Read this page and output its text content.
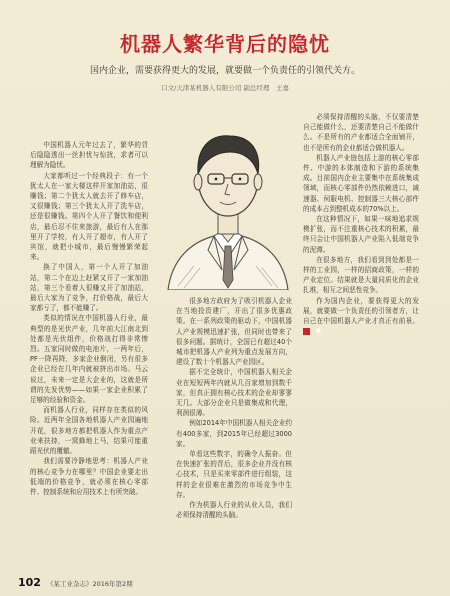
机器人繁华背后的隐忧
国内企业，需要获得更大的发展，就要做一个负责任的引领代关方。
口文/天津某机器人有限公司 副总经理　王嘉

中国机器人元年过去了，繁华的背后隐隐透出一丝担忧与惊扰，求者可以理解为隐忧。

大家都听过一个经典段子：有一个犹太人在一家大楼这样开家加油站，很赚钱；第二个犹太人就去开了修车店，又很赚钱；第三个犹太人开了洗车店，还是很赚钱。第四个人开了餐饮和便利店，最后忍不住来旅游，最后有人在那里开了学校，有人开了超市，有人开了宾馆，就把小城市，最后慢慢繁荣起来。

换了中国人，第一个人开了加油站，第二个在边上赶紧又开了一家加油站，第三个看着人很赚又开了加油站，最后大家为了竞争，打价格战，最后大家都亏了，都不能赚了。

类似的情况在中国机器人行业，最典型的是光伏产业，几年前大江南北到处都是光伏组件，价格战打得非常惨烈。五家同时做的电池片，一两年后，PF一降再降，多家企业倒闭，另有很多企业已经在几年内就被挤出市场。马云说过，未来一定是大企业的，这就是所谓的先发优势——如果一家企业积累了足够的经验和资金。

而机器人行业，同样存在类似的风险。近两年全国各地机器人产业园遍地开花，很多地方都把机器人作为重点产业来扶持，一窝蜂地上马，结果可能重蹈光伏的覆辙。

我们需要冷静地思考：机器人产业的核心竞争力在哪里？中国企业要走出低端的价格竞争，就必须在核心零部件、控制系统和应用技术上有所突破。

很多地方政府为了吸引机器人企业在当地投资建厂，开出了很多优惠政策。在一系列政策的驱动下，中国机器人产业规模迅速扩张，但同时也带来了很多问题。据统计，全国已有超过40个城市把机器人产业列为重点发展方向，建设了数十个机器人产业园区。

据不完全统计，中国机器人相关企业在短短两年内就从几百家增加到数千家，但真正拥有核心技术的企业却寥寥无几。大部分企业只是做集成和代理，利润很薄。

例如2014年中国机器人相关企业约有400多家，到2015年已经超过3000家。

单看这些数字，的确令人振奋。但在快速扩张的背后，很多企业并没有核心技术，只是买来零部件进行组装，这样的企业很难在激烈的市场竞争中生存。

作为机器人行业的从业人员，我们必须保持清醒的头脑。

必须保持清醒的头脑，不仅要清楚自己能做什么，还要清楚自己不能做什么。不是所有的产业都适合全面铺开，也不是所有的企业都适合做机器人。

机器人产业链包括上游的核心零部件、中游的本体制造和下游的系统集成。目前国内企业主要集中在系统集成领域，而核心零部件仍然依赖进口，减速器、伺服电机、控制器三大核心部件的成本占到整机成本的70%以上。

在这种情况下，如果一味地追求规模扩张，而不注重核心技术的积累，最终只会让中国机器人产业陷入低端竞争的泥潭。

在很多地方，我们看到到处都是一样的工业园，一样的招商政策，一样的产业定位。结果就是大量同质化的企业扎堆，相互之间恶性竞争。

作为国内企业，要获得更大的发展，就要做一个负责任的引领者方，让自己在中国机器人产业才真正有前景。 ■

102 《某工业杂志》2016年第2期
